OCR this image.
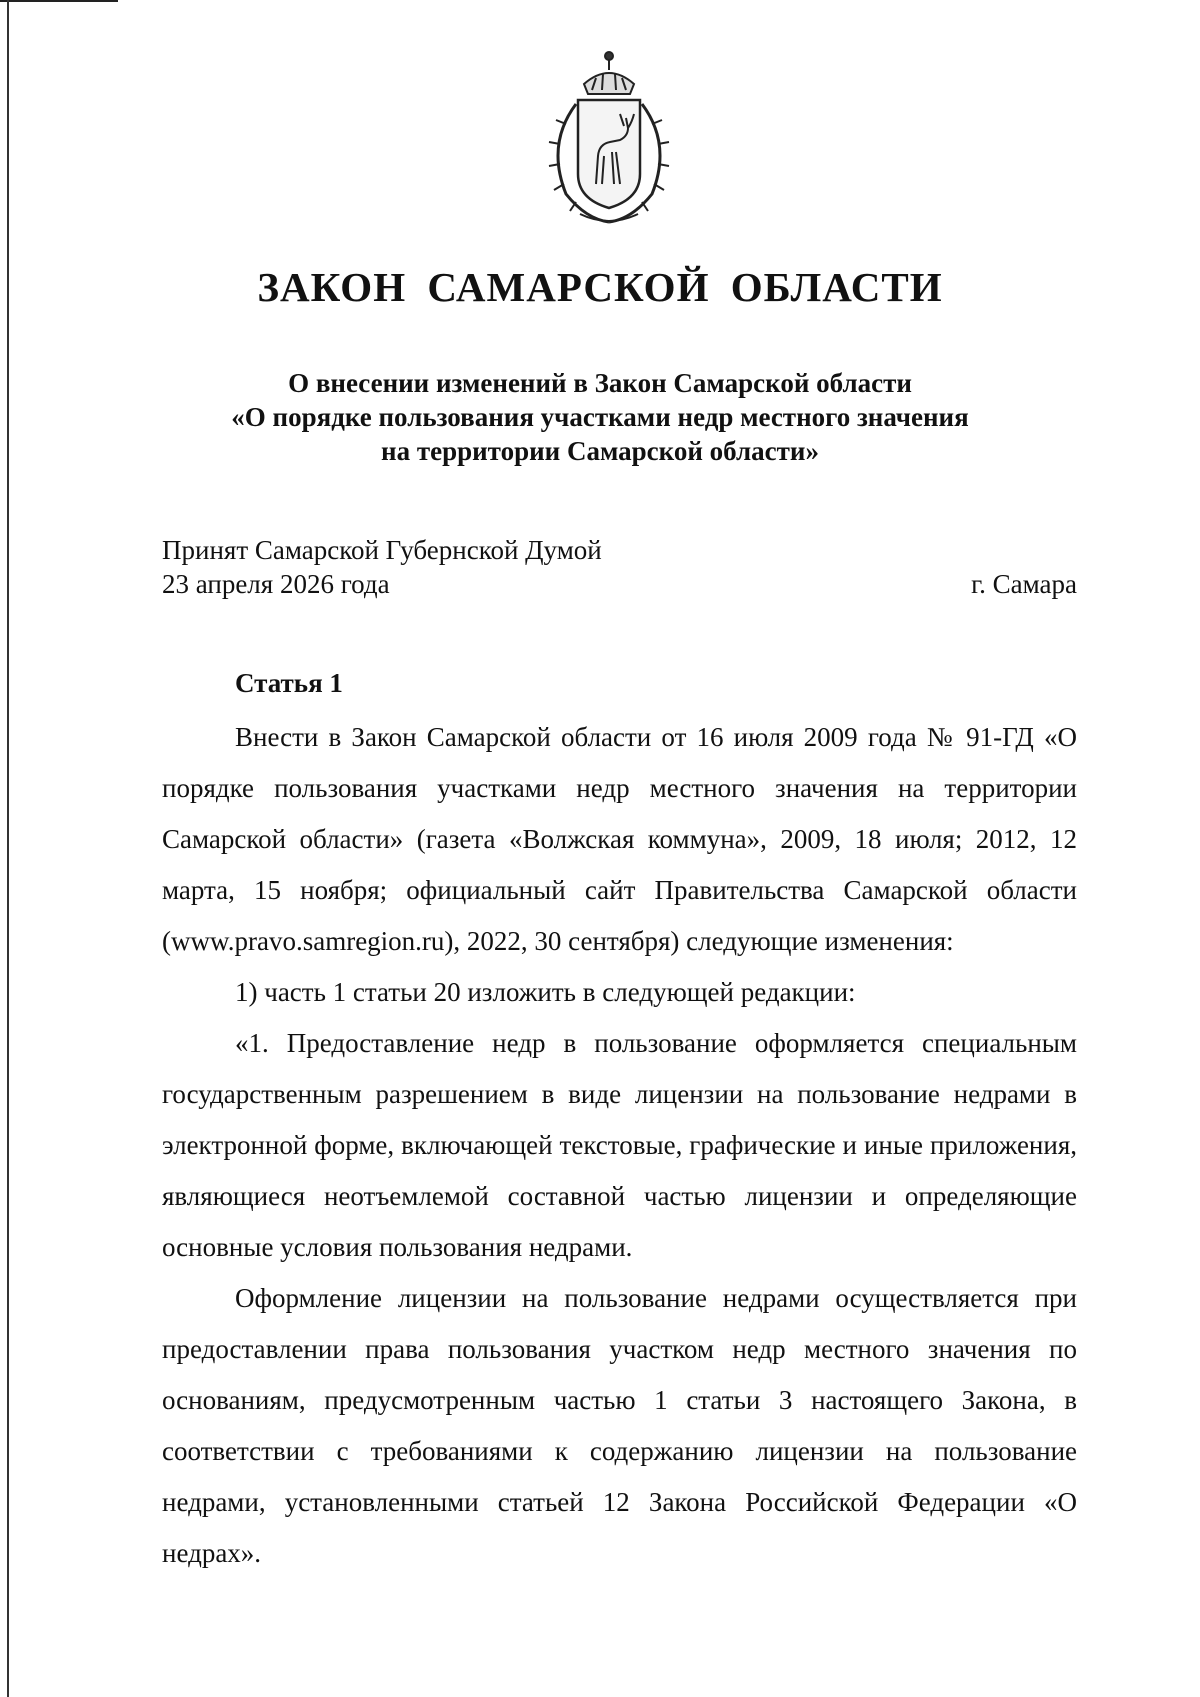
ЗАКОН САМАРСКОЙ ОБЛАСТИ
О внесении изменений в Закон Самарской области
«О порядке пользования участками недр местного значения
на территории Самарской области»
Принят Самарской Губернской Думой
23 апреля 2026 года	г. Самара
Статья 1

Внести в Закон Самарской области от 16 июля 2009 года № 91-ГД «О порядке пользования участками недр местного значения на территории Самарской области» (газета «Волжская коммуна», 2009, 18 июля; 2012, 12 марта, 15 ноября; официальный сайт Правительства Самарской области (www.pravo.samregion.ru), 2022, 30 сентября) следующие изменения:

1) часть 1 статьи 20 изложить в следующей редакции:

«1. Предоставление недр в пользование оформляется специальным государственным разрешением в виде лицензии на пользование недрами в электронной форме, включающей текстовые, графические и иные приложения, являющиеся неотъемлемой составной частью лицензии и определяющие основные условия пользования недрами.

Оформление лицензии на пользование недрами осуществляется при предоставлении права пользования участком недр местного значения по основаниям, предусмотренным частью 1 статьи 3 настоящего Закона, в соответствии с требованиями к содержанию лицензии на пользование недрами, установленными статьей 12 Закона Российской Федерации «О недрах».
